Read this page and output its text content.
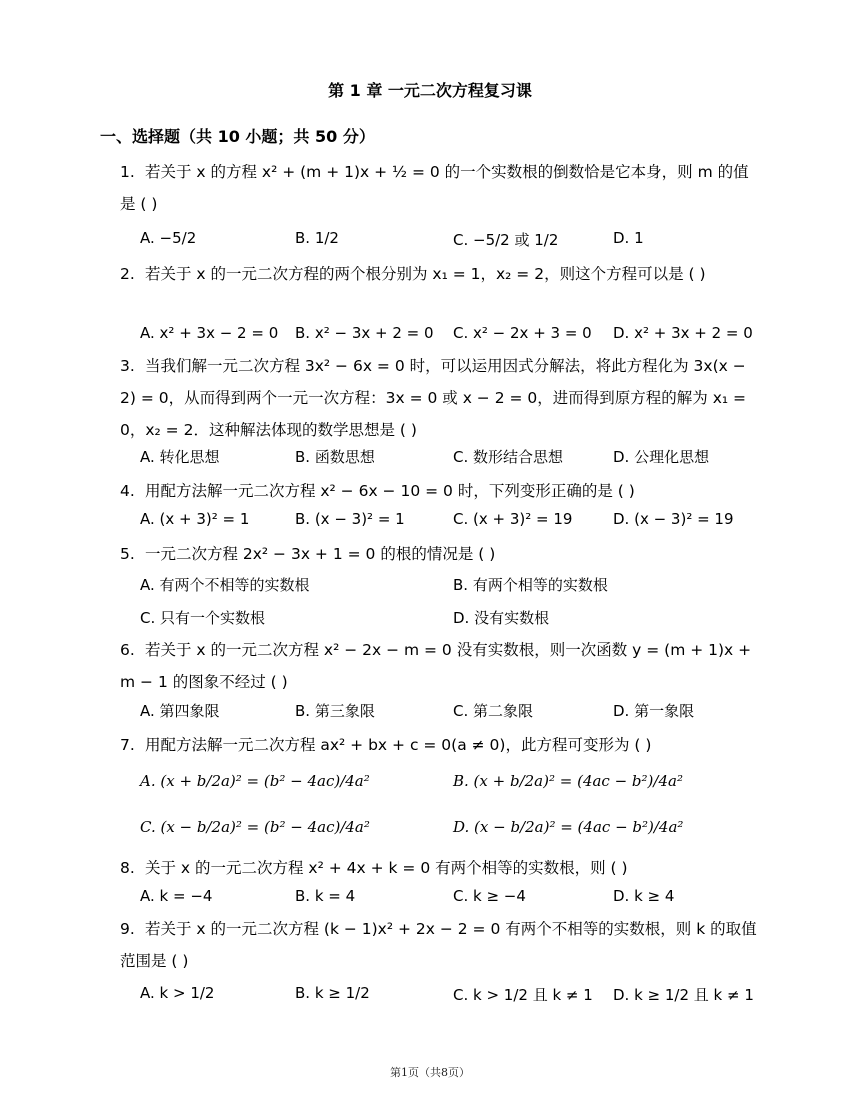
第 1 章 一元二次方程复习课
一、选择题（共 10 小题；共 50 分）
1. 若关于 x 的方程 x² + (m + 1)x + ½ = 0 的一个实数根的倒数恰是它本身，则 m 的值是 ( )
A. −5/2	B. 1/2	C. −5/2 或 1/2	D. 1
2. 若关于 x 的一元二次方程的两个根分别为 x₁ = 1，x₂ = 2，则这个方程可以是 ( )
A. x² + 3x − 2 = 0 B. x² − 3x + 2 = 0 C. x² − 2x + 3 = 0 D. x² + 3x + 2 = 0
3. 当我们解一元二次方程 3x² − 6x = 0 时，可以运用因式分解法，将此方程化为 3x(x − 2) = 0，从而得到两个一元一次方程：3x = 0 或 x − 2 = 0，进而得到原方程的解为 x₁ = 0，x₂ = 2．这种解法体现的数学思想是 ( )
A. 转化思想	B. 函数思想	C. 数形结合思想	D. 公理化思想
4. 用配方法解一元二次方程 x² − 6x − 10 = 0 时，下列变形正确的是 ( )
A. (x + 3)² = 1	B. (x − 3)² = 1	C. (x + 3)² = 19	D. (x − 3)² = 19
5. 一元二次方程 2x² − 3x + 1 = 0 的根的情况是 ( )
A. 有两个不相等的实数根	B. 有两个相等的实数根
C. 只有一个实数根	D. 没有实数根
6. 若关于 x 的一元二次方程 x² − 2x − m = 0 没有实数根，则一次函数 y = (m + 1)x + m − 1 的图象不经过 ( )
A. 第四象限	B. 第三象限	C. 第二象限	D. 第一象限
7. 用配方法解一元二次方程 ax² + bx + c = 0(a ≠ 0)，此方程可变形为 ( )
A. (x + b/2a)² = (b² − 4ac)/4a²	B. (x + b/2a)² = (4ac − b²)/4a²
C. (x − b/2a)² = (b² − 4ac)/4a²	D. (x − b/2a)² = (4ac − b²)/4a²
8. 关于 x 的一元二次方程 x² + 4x + k = 0 有两个相等的实数根，则 ( )
A. k = −4	B. k = 4	C. k ≥ −4	D. k ≥ 4
9. 若关于 x 的一元二次方程 (k − 1)x² + 2x − 2 = 0 有两个不相等的实数根，则 k 的取值范围是 ( )
A. k > 1/2	B. k ≥ 1/2	C. k > 1/2 且 k ≠ 1 D. k ≥ 1/2 且 k ≠ 1
第1页（共8页）
